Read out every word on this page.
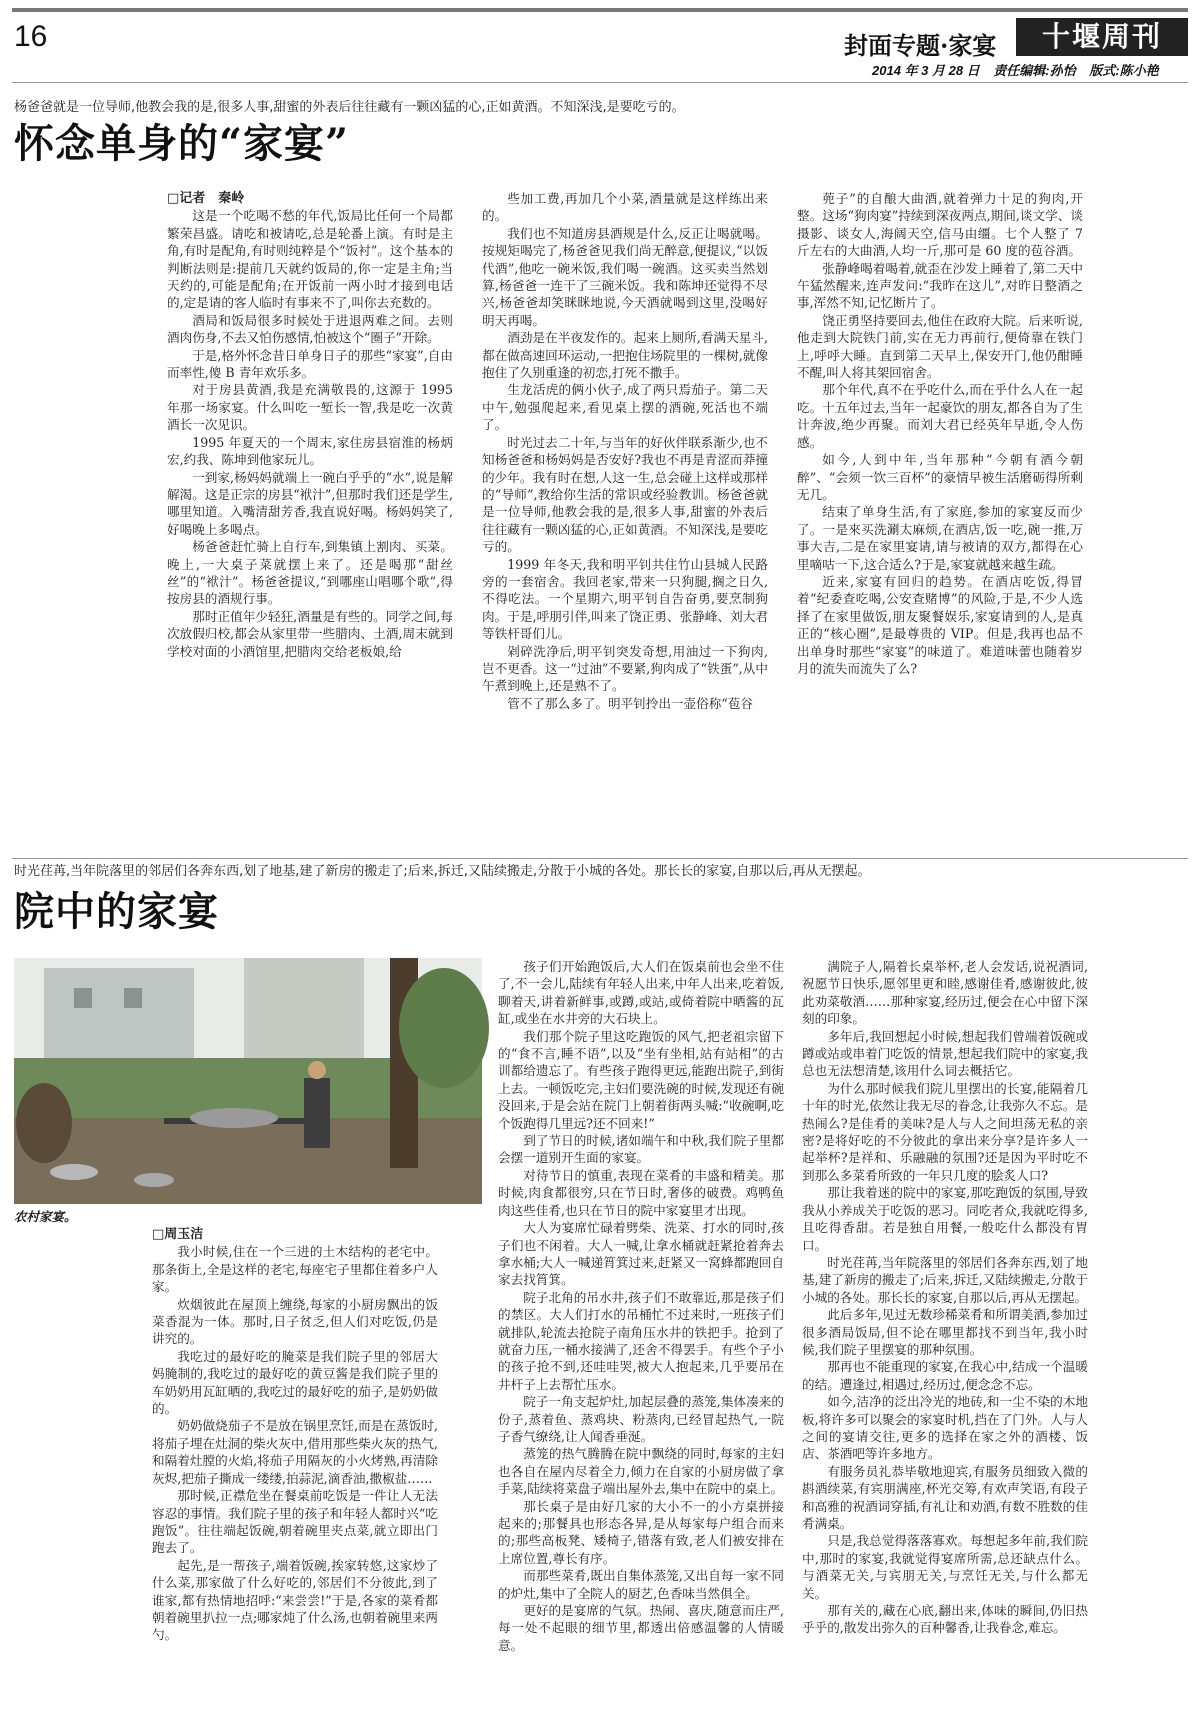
16	封面专题·家宴	十堰周刊
2014 年 3 月 28 日 责任编辑:孙怡 版式:陈小艳
杨爸爸就是一位导师,他教会我的是,很多人事,甜蜜的外表后往往藏有一颗凶猛的心,正如黄酒。不知深浅,是要吃亏的。
怀念单身的“家宴”

□记者　秦岭

这是一个吃喝不愁的年代,饭局比任何一个局都繁荣昌盛。请吃和被请吃,总是轮番上演。有时是主角,有时是配角,有时则纯粹是个“饭衬”。这个基本的判断法则是:提前几天就约饭局的,你一定是主角;当天约的,可能是配角;在开饭前一两小时才接到电话的,定是请的客人临时有事来不了,叫你去充数的。

酒局和饭局很多时候处于进退两难之间。去则酒肉伤身,不去又怕伤感情,怕被这个“圈子”开除。

于是,格外怀念昔日单身日子的那些“家宴”,自由而率性,傻 B 青年欢乐多。

对于房县黄酒,我是充满敬畏的,这源于 1995 年那一场家宴。什么叫吃一堑长一智,我是吃一次黄酒长一次见识。

1995 年夏天的一个周末,家住房县宿淮的杨炳宏,约我、陈坤到他家玩儿。

一到家,杨妈妈就端上一碗白乎乎的“水”,说是解解渴。这是正宗的房县“袱汁”,但那时我们还是学生,哪里知道。入嘴清甜芳香,我直说好喝。杨妈妈笑了,好喝晚上多喝点。

杨爸爸赶忙骑上自行车,到集镇上割肉、买菜。晚上,一大桌子菜就摆上来了。还是喝那“甜丝丝”的“袱汁”。杨爸爸提议,“到哪座山唱哪个歌”,得按房县的酒规行事。

那时正值年少轻狂,酒量是有些的。同学之间,每次放假归校,都会从家里带一些腊肉、土酒,周末就到学校对面的小酒馆里,把腊肉交给老板娘,给

些加工费,再加几个小菜,酒量就是这样练出来的。

我们也不知道房县酒规是什么,反正让喝就喝。按规矩喝完了,杨爸爸见我们尚无醉意,便提议,“以饭代酒”,他吃一碗米饭,我们喝一碗酒。这买卖当然划算,杨爸爸一连干了三碗米饭。我和陈坤还觉得不尽兴,杨爸爸却笑眯眯地说,今天酒就喝到这里,没喝好明天再喝。

酒劲是在半夜发作的。起来上厕所,看满天星斗,都在做高速回环运动,一把抱住场院里的一棵树,就像抱住了久别重逢的初恋,打死不撒手。

生龙活虎的俩小伙子,成了两只焉茄子。第二天中午,勉强爬起来,看见桌上摆的酒碗,死活也不端了。

时光过去二十年,与当年的好伙伴联系渐少,也不知杨爸爸和杨妈妈是否安好?我也不再是青涩而莽撞的少年。我有时在想,人这一生,总会碰上这样或那样的“导师”,教给你生活的常识或经验教训。杨爸爸就是一位导师,他教会我的是,很多人事,甜蜜的外表后往往藏有一颗凶猛的心,正如黄酒。不知深浅,是要吃亏的。

1999 年冬天,我和明平钊共住竹山县城人民路旁的一套宿舍。我回老家,带来一只狗腿,搁之日久,不得吃法。一个星期六,明平钊自告奋勇,要烹制狗肉。于是,呼朋引伴,叫来了饶正勇、张静峰、刘大君等铁杆哥们儿。

剁碎洗净后,明平钊突发奇想,用油过一下狗肉,岂不更香。这一“过油”不要紧,狗肉成了“铁蛋”,从中午煮到晚上,还是熟不了。

管不了那么多了。明平钊拎出一壶俗称“苞谷

蔸子”的自酿大曲酒,就着弹力十足的狗肉,开整。这场“狗肉宴”持续到深夜两点,期间,谈文学、谈摄影、谈女人,海阔天空,信马由缰。七个人整了 7 斤左右的大曲酒,人均一斤,那可是 60 度的苞谷酒。

张静峰喝着喝着,就歪在沙发上睡着了,第二天中午猛然醒来,连声发问:“我昨在这儿”,对昨日整酒之事,浑然不知,记忆断片了。

饶正勇坚持要回去,他住在政府大院。后来听说,他走到大院铁门前,实在无力再前行,便倚靠在铁门上,呼呼大睡。直到第二天早上,保安开门,他仍酣睡不醒,叫人将其架回宿舍。

那个年代,真不在乎吃什么,而在乎什么人在一起吃。十五年过去,当年一起豪饮的朋友,都各自为了生计奔波,绝少再聚。而刘大君已经英年早逝,令人伤感。

如今,人到中年,当年那种“今朝有酒今朝醉”、“会须一饮三百杯”的豪情早被生活磨砺得所剩无几。

结束了单身生活,有了家庭,参加的家宴反而少了。一是來买洗涮太麻烦,在酒店,饭一吃,碗一推,万事大吉,二是在家里宴请,请与被请的双方,都得在心里嘀咕一下,这合适么?于是,家宴就越来越生疏。

近来,家宴有回归的趋势。在酒店吃饭,得冒着“纪委查吃喝,公安查赌博”的风险,于是,不少人选择了在家里做饭,朋友聚餐娱乐,家宴请到的人,是真正的“核心圈”,是最尊贵的 VIP。但是,我再也品不出单身时那些“家宴”的味道了。难道味蕾也随着岁月的流失而流失了么?

时光荏苒,当年院落里的邻居们各奔东西,划了地基,建了新房的搬走了;后来,拆迁,又陆续搬走,分散于小城的各处。那长长的家宴,自那以后,再从无摆起。
院中的家宴
农村家宴。

□周玉洁

我小时候,住在一个三进的土木结构的老宅中。那条街上,全是这样的老宅,每座宅子里都住着多户人家。

炊烟彼此在屋顶上缠绕,每家的小厨房飘出的饭菜香混为一体。那时,日子贫乏,但人们对吃饭,仍是讲究的。

我吃过的最好吃的腌菜是我们院子里的邻居大妈腌制的,我吃过的最好吃的黄豆酱是我们院子里的车奶奶用瓦缸晒的,我吃过的最好吃的茄子,是奶奶做的。

奶奶做烧茄子不是放在锅里烹饪,而是在蒸饭时,将茄子埋在灶洞的柴火灰中,借用那些柴火灰的热气,和隔着灶膛的火焰,将茄子用隔灰的小火烤熟,再清除灰烬,把茄子撕成一缕缕,拍蒜泥,滴香油,撒椒盐……

那时候,正襟危坐在餐桌前吃饭是一件让人无法容忍的事情。我们院子里的孩子和年轻人都时兴“吃跑饭”。往往端起饭碗,朝着碗里夹点菜,就立即出门跑去了。

起先,是一帮孩子,端着饭碗,挨家转悠,这家炒了什么菜,那家做了什么好吃的,邻居们不分彼此,到了谁家,都有热情地招呼:“来尝尝!”于是,各家的菜肴都朝着碗里扒拉一点;哪家炖了什么汤,也朝着碗里来两勺。

孩子们开始跑饭后,大人们在饭桌前也会坐不住了,不一会儿,陆续有年轻人出来,中年人出来,吃着饭,聊着天,讲着新鲜事,或蹲,或站,或倚着院中晒酱的瓦缸,或坐在水井旁的大石块上。

我们那个院子里这吃跑饭的风气,把老祖宗留下的“食不言,睡不语”,以及“坐有坐相,站有站相”的古训都给遗忘了。有些孩子跑得更远,能跑出院子,到街上去。一顿饭吃完,主妇们要洗碗的时候,发现还有碗没回来,于是会站在院门上朝着街两头喊:“收碗啊,吃个饭跑得几里远?还不回来!”

到了节日的时候,诸如端午和中秋,我们院子里都会摆一道别开生面的家宴。

对待节日的慎重,表现在菜肴的丰盛和精美。那时候,肉食都很穷,只在节日时,奢侈的破费。鸡鸭鱼肉这些佳肴,也只在节日的院中家宴里才出现。

大人为宴席忙碌着劈柴、洗菜、打水的同时,孩子们也不闲着。大人一喊,让拿水桶就赶紧抢着奔去拿水桶;大人一喊递筲箕过来,赶紧又一窝蜂都跑回自家去找筲箕。

院子北角的吊水井,孩子们不敢靠近,那是孩子们的禁区。大人们打水的吊桶忙不过来时,一班孩子们就排队,轮流去抢院子南角压水井的铁把手。抢到了就奋力压,一桶水接满了,还舍不得罢手。有些个子小的孩子抢不到,还哇哇哭,被大人抱起来,几乎要吊在井杆子上去帮忙压水。

院子一角支起炉灶,加起层叠的蒸笼,集体凑来的份子,蒸着鱼、蒸鸡块、粉蒸肉,已经冒起热气,一院子香气缭绕,让人闻香垂涎。

蒸笼的热气腾腾在院中飘绕的同时,每家的主妇也各自在屋内尽着全力,倾力在自家的小厨房做了拿手菜,陆续将菜盘子端出屋外去,集中在院中的桌上。

那长桌子是由好几家的大小不一的小方桌拼接起来的;那餐具也形态各异,是从每家每户组合而来的;那些高板凳、矮椅子,错落有致,老人们被安排在上席位置,尊长有序。

而那些菜肴,既出自集体蒸笼,又出自每一家不同的炉灶,集中了全院人的厨艺,色香味当然俱全。

更好的是宴席的气氛。热闹、喜庆,随意而庄严,每一处不起眼的细节里,都透出倍感温馨的人情暖意。

满院子人,隔着长桌举杯,老人会发话,说祝酒词,祝愿节日快乐,愿邻里更和睦,感谢佳肴,感谢彼此,彼此劝菜敬酒……那种家宴,经历过,便会在心中留下深刻的印象。

多年后,我回想起小时候,想起我们曾端着饭碗或蹲或站或串着门吃饭的情景,想起我们院中的家宴,我总也无法想清楚,该用什么词去概括它。

为什么那时候我们院儿里摆出的长宴,能隔着几十年的时光,依然让我无尽的眷念,让我弥久不忘。是热闹么?是佳肴的美味?是人与人之间坦荡无私的亲密?是将好吃的不分彼此的拿出来分享?是许多人一起举杯?是祥和、乐融融的氛围?还是因为平时吃不到那么多菜肴所致的一年只几度的脍炙人口?

那让我着迷的院中的家宴,那吃跑饭的氛围,导致我从小养成关于吃饭的恶习。同吃者众,我就吃得多,且吃得香甜。若是独自用餐,一般吃什么都没有胃口。

时光荏苒,当年院落里的邻居们各奔东西,划了地基,建了新房的搬走了;后来,拆迁,又陆续搬走,分散于小城的各处。那长长的家宴,自那以后,再从无摆起。

此后多年,见过无数珍稀菜肴和所谓美酒,参加过很多酒局饭局,但不论在哪里都找不到当年,我小时候,我们院子里摆宴的那种氛围。

那再也不能重现的家宴,在我心中,结成一个温暖的结。遭逢过,相遇过,经历过,便念念不忘。

如今,洁净的泛出冷光的地砖,和一尘不染的木地板,将许多可以聚会的家宴时机,挡在了门外。人与人之间的宴请交往,更多的选择在家之外的酒楼、饭店、茶酒吧等许多地方。

有服务员礼恭毕敬地迎宾,有服务员细致入微的斟酒续菜,有宾朋满座,杯光交筹,有欢声笑语,有段子和高雅的祝酒词穿插,有礼让和劝酒,有数不胜数的佳肴满桌。

只是,我总觉得落落寡欢。每想起多年前,我们院中,那时的家宴,我就觉得宴席所需,总还缺点什么。与酒菜无关,与宾朋无关,与烹饪无关,与什么都无关。

那有关的,藏在心底,翻出来,体味的瞬间,仍旧热乎乎的,散发出弥久的百种馨香,让我眷念,难忘。
